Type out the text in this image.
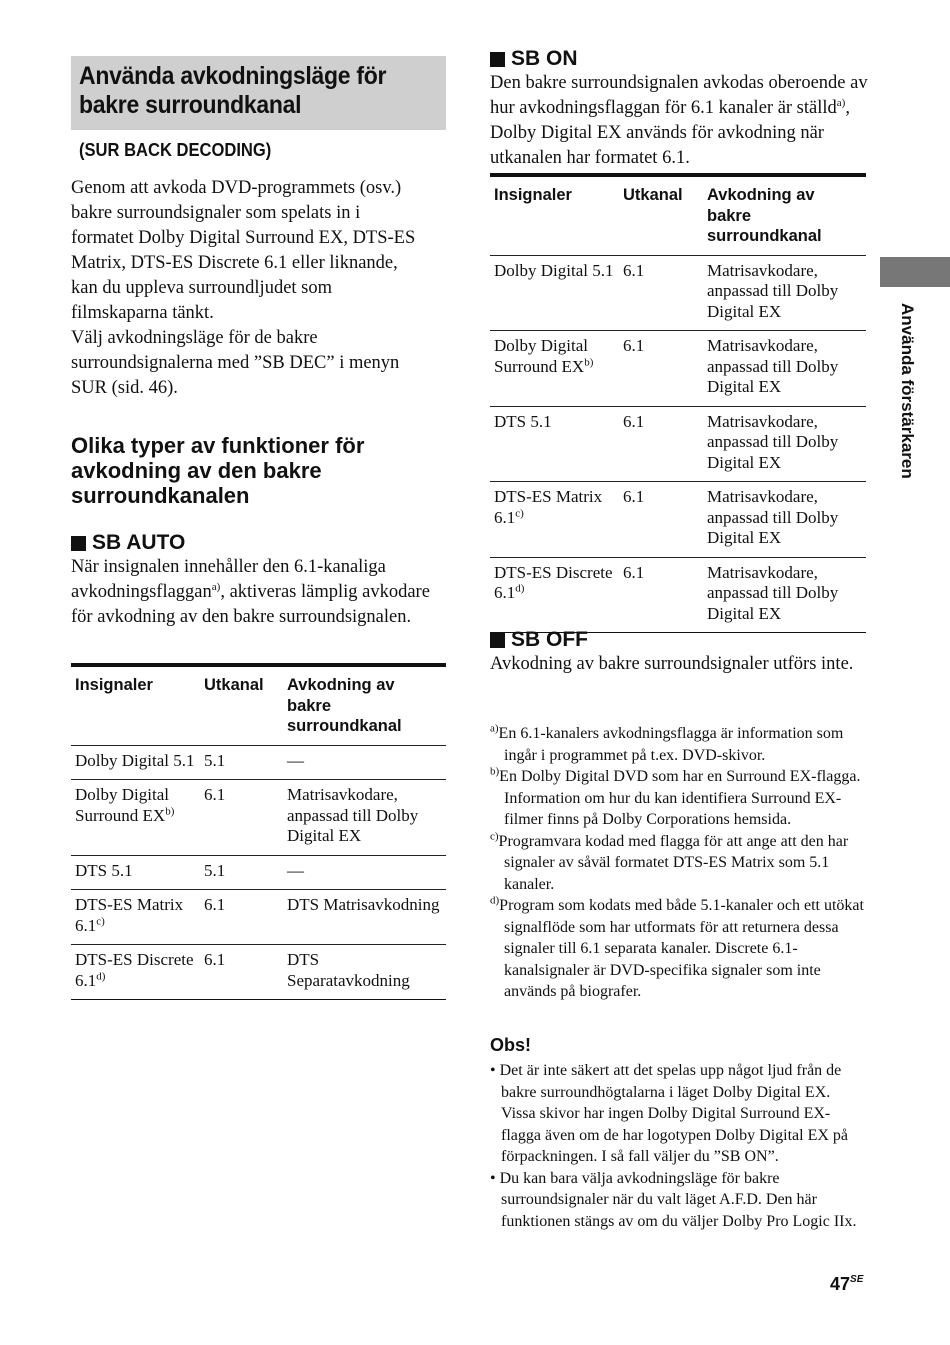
Använda avkodningsläge för
bakre surroundkanal
(SUR BACK DECODING)
Genom att avkoda DVD-programmets (osv.)
bakre surroundsignaler som spelats in i
formatet Dolby Digital Surround EX, DTS-ES
Matrix, DTS-ES Discrete 6.1 eller liknande,
kan du uppleva surroundljudet som
filmskaparna tänkt.
Välj avkodningsläge för de bakre
surroundsignalerna med ”SB DEC” i menyn
SUR (sid. 46).
Olika typer av funktioner för avkodning av den bakre surroundkanalen
SB AUTO
När insignalen innehåller den 6.1-kanaliga avkodningsflaggan$^{a)}$, aktiveras lämplig avkodare för avkodning av den bakre surroundsignalen.
Insignaler	Utkanal	Avkodning av bakre surroundkanal
Dolby Digital 5.1	5.1	—
Dolby Digital Surround EX$^{b)}$	6.1	Matrisavkodare, anpassad till Dolby Digital EX
DTS 5.1	5.1	—
DTS-ES Matrix 6.1$^{c)}$	6.1	DTS Matrisavkodning
DTS-ES Discrete 6.1$^{d)}$	6.1	DTS Separatavkodning
SB ON
Den bakre surroundsignalen avkodas oberoende av hur avkodningsflaggan för 6.1 kanaler är ställd$^{a)}$, Dolby Digital EX används för avkodning när utkanalen har formatet 6.1.
Insignaler	Utkanal	Avkodning av bakre surroundkanal
Dolby Digital 5.1	6.1	Matrisavkodare, anpassad till Dolby Digital EX
Dolby Digital Surround EX$^{b)}$	6.1	Matrisavkodare, anpassad till Dolby Digital EX
DTS 5.1	6.1	Matrisavkodare, anpassad till Dolby Digital EX
DTS-ES Matrix 6.1$^{c)}$	6.1	Matrisavkodare, anpassad till Dolby Digital EX
DTS-ES Discrete 6.1$^{d)}$	6.1	Matrisavkodare, anpassad till Dolby Digital EX
SB OFF
Avkodning av bakre surroundsignaler utförs inte.

$^{a)}$En 6.1-kanalers avkodningsflagga är information som ingår i programmet på t.ex. DVD-skivor.

$^{b)}$En Dolby Digital DVD som har en Surround EX-flagga. Information om hur du kan identifiera Surround EX-filmer finns på Dolby Corporations hemsida.

$^{c)}$Programvara kodad med flagga för att ange att den har signaler av såväl formatet DTS-ES Matrix som 5.1 kanaler.

$^{d)}$Program som kodats med både 5.1-kanaler och ett utökat signalflöde som har utformats för att returnera dessa signaler till 6.1 separata kanaler. Discrete 6.1-kanalsignaler är DVD-specifika signaler som inte används på biografer.

Obs!

• Det är inte säkert att det spelas upp något ljud från de bakre surroundhögtalarna i läget Dolby Digital EX. Vissa skivor har ingen Dolby Digital Surround EX-flagga även om de har logotypen Dolby Digital EX på förpackningen. I så fall väljer du ”SB ON”.

• Du kan bara välja avkodningsläge för bakre surroundsignaler när du valt läget A.F.D. Den här funktionen stängs av om du väljer Dolby Pro Logic IIx.

Använda förstärkaren
$47^{SE}$
